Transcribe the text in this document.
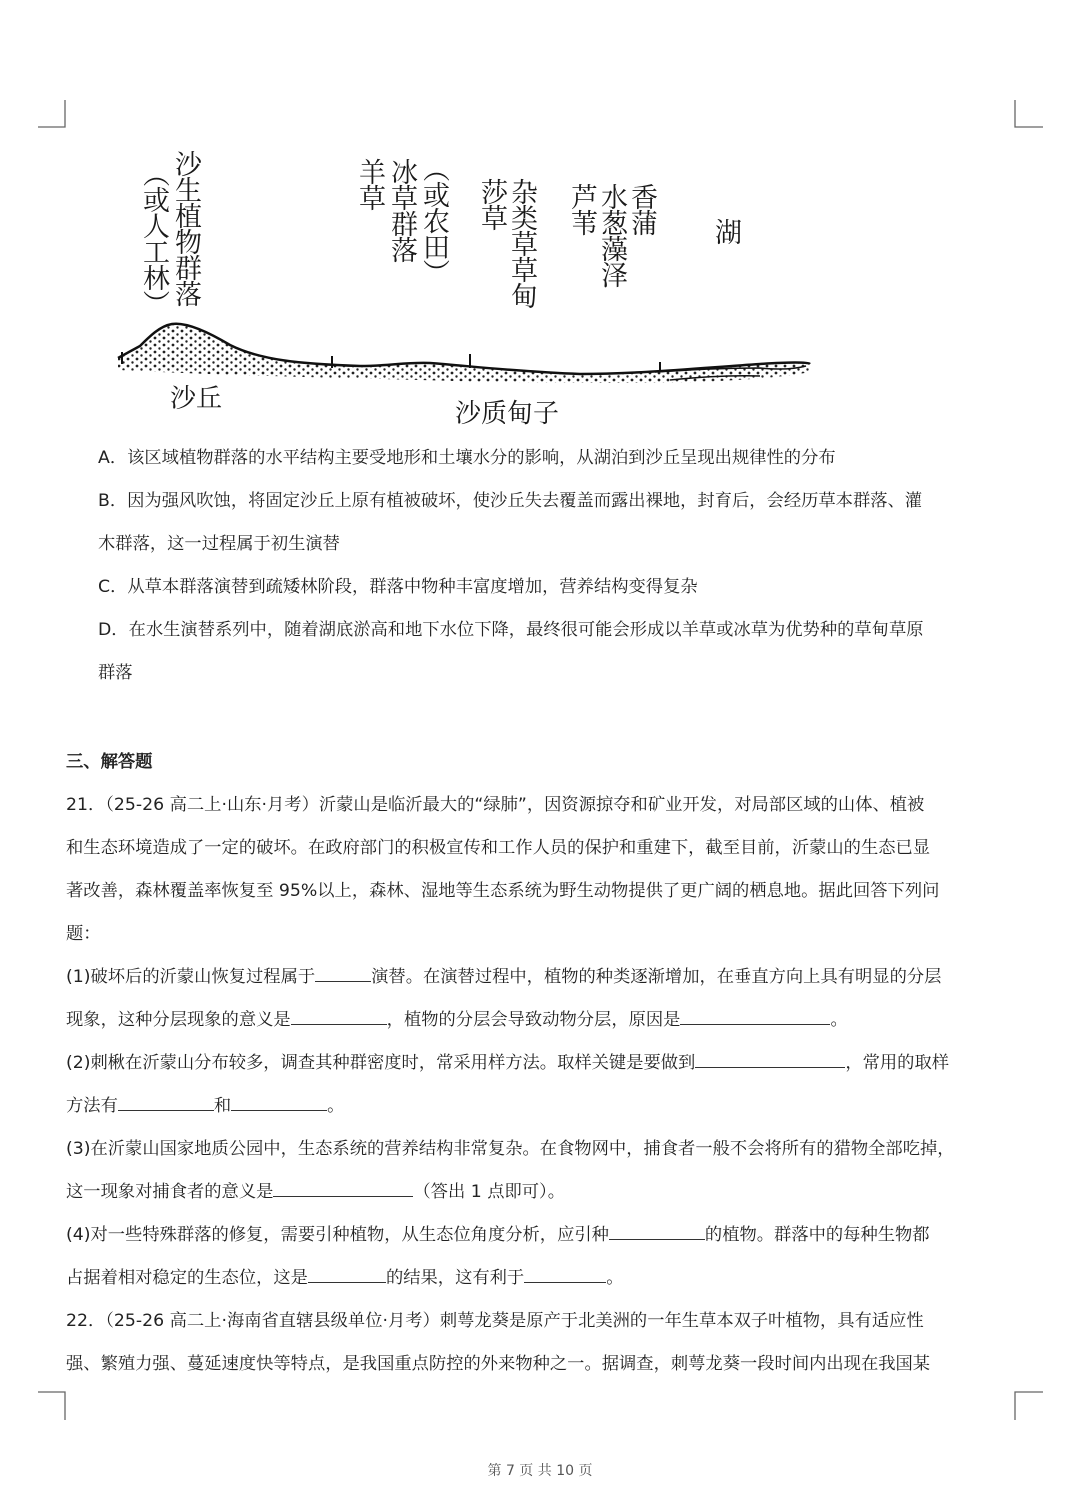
沙生植物群落
（或人工林）	（或农田）
冰草群落
羊草	杂类草草甸
莎草	香蒲
水葱藻泽
芦苇	湖
沙丘	沙质甸子

A．该区域植物群落的水平结构主要受地形和土壤水分的影响，从湖泊到沙丘呈现出规律性的分布

B．因为强风吹蚀，将固定沙丘上原有植被破坏，使沙丘失去覆盖而露出裸地，封育后，会经历草本群落、灌

木群落，这一过程属于初生演替

C．从草本群落演替到疏矮林阶段，群落中物种丰富度增加，营养结构变得复杂

D．在水生演替系列中，随着湖底淤高和地下水位下降，最终很可能会形成以羊草或冰草为优势种的草甸草原

群落

三、解答题

21．（25-26 高二上·山东·月考）沂蒙山是临沂最大的“绿肺”，因资源掠夺和矿业开发，对局部区域的山体、植被

和生态环境造成了一定的破坏。在政府部门的积极宣传和工作人员的保护和重建下，截至目前，沂蒙山的生态已显

著改善，森林覆盖率恢复至 95%以上，森林、湿地等生态系统为野生动物提供了更广阔的栖息地。据此回答下列问

题：

(1)破坏后的沂蒙山恢复过程属于	演替。在演替过程中，植物的种类逐渐增加，在垂直方向上具有明显的分层

现象，这种分层现象的意义是	，植物的分层会导致动物分层，原因是	。

(2)刺楸在沂蒙山分布较多，调查其种群密度时，常采用样方法。取样关键是要做到	，常用的取样

方法有	和	。

(3)在沂蒙山国家地质公园中，生态系统的营养结构非常复杂。在食物网中，捕食者一般不会将所有的猎物全部吃掉，

这一现象对捕食者的意义是	（答出 1 点即可）。

(4)对一些特殊群落的修复，需要引种植物，从生态位角度分析，应引种	的植物。群落中的每种生物都

占据着相对稳定的生态位，这是	的结果，这有利于	。

22．（25-26 高二上·海南省直辖县级单位·月考）刺萼龙葵是原产于北美洲的一年生草本双子叶植物，具有适应性

强、繁殖力强、蔓延速度快等特点，是我国重点防控的外来物种之一。据调查，刺萼龙葵一段时间内出现在我国某

第 7 页 共 10 页
